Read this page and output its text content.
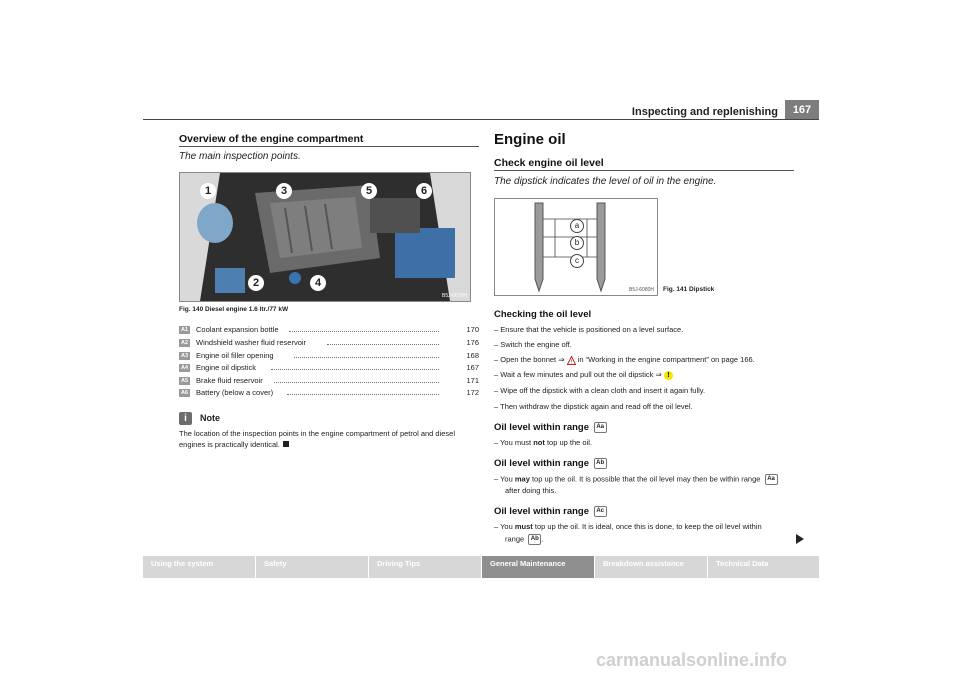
Inspecting and replenishing	167
Overview of the engine compartment
The main inspection points.
1
2
3
4
5	6
B5J-6079H
Fig. 140 Diesel engine 1.6 ltr./77 kW
A1 Coolant expansion bottle	170
A2 Windshield washer fluid reservoir	176
A3 Engine oil filler opening	168
A4 Engine oil dipstick	167
A5 Brake fluid reservoir	171
A6 Battery (below a cover)	172
i	Note
The location of the inspection points in the engine compartment of petrol and diesel engines is practically identical.
Engine oil
Check engine oil level
The dipstick indicates the level of oil in the engine.
a
b
c
B5J-6080H Fig. 141 Dipstick
Checking the oil level
– Ensure that the vehicle is positioned on a level surface.
– Switch the engine off.
– Open the bonnet ⇒ ! in “Working in the engine compartment” on page 166.
– Wait a few minutes and pull out the oil dipstick ⇒ !
– Wipe off the dipstick with a clean cloth and insert it again fully.
– Then withdraw the dipstick again and read off the oil level.
Oil level within range Aa
– You must not top up the oil.
Oil level within range Ab
– You may top up the oil. It is possible that the oil level may then be within range Aa
after doing this.
Oil level within range Ac
– You must top up the oil. It is ideal, once this is done, to keep the oil level within
range Ab .
Using the system	Safety	Driving Tips	General Maintenance	Breakdown assistance	Technical Data
carmanualsonline.info
